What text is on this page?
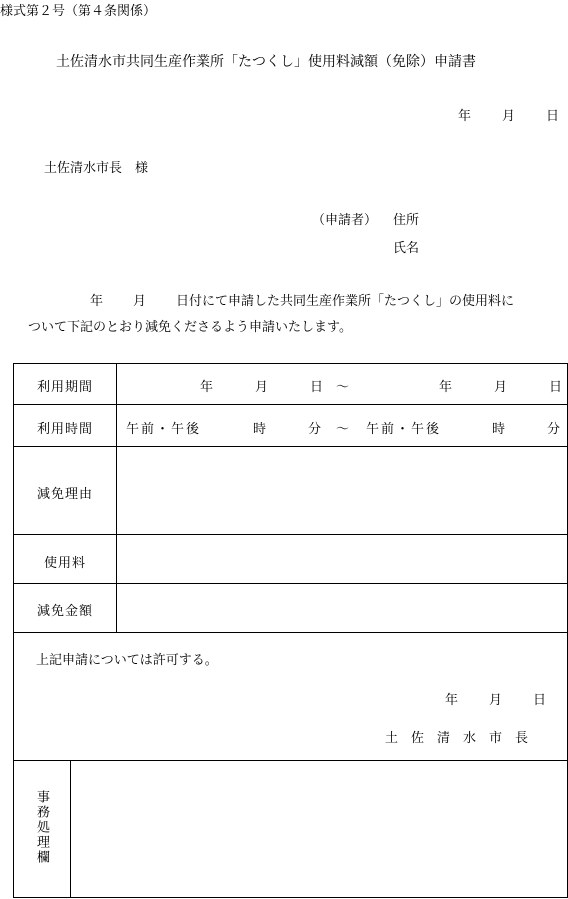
様式第２号（第４条関係）
土佐清水市共同生産作業所「たつくし」使用料減額（免除）申請書
年 月 日
土佐清水市長　様
（申請者） 住所
氏名
年 月 日付にて申請した共同生産作業所「たつくし」の使用料に
ついて下記のとおり減免くださるよう申請いたします。
利用期間	年	月	日 ～	年	月	日
利用時間	午前・午後	時	分 ～ 午前・午後	時	分
減免理由
使用料
減免金額
上記申請については許可する。
年 月 日
土　佐　清　水　市　長
事務処理欄
